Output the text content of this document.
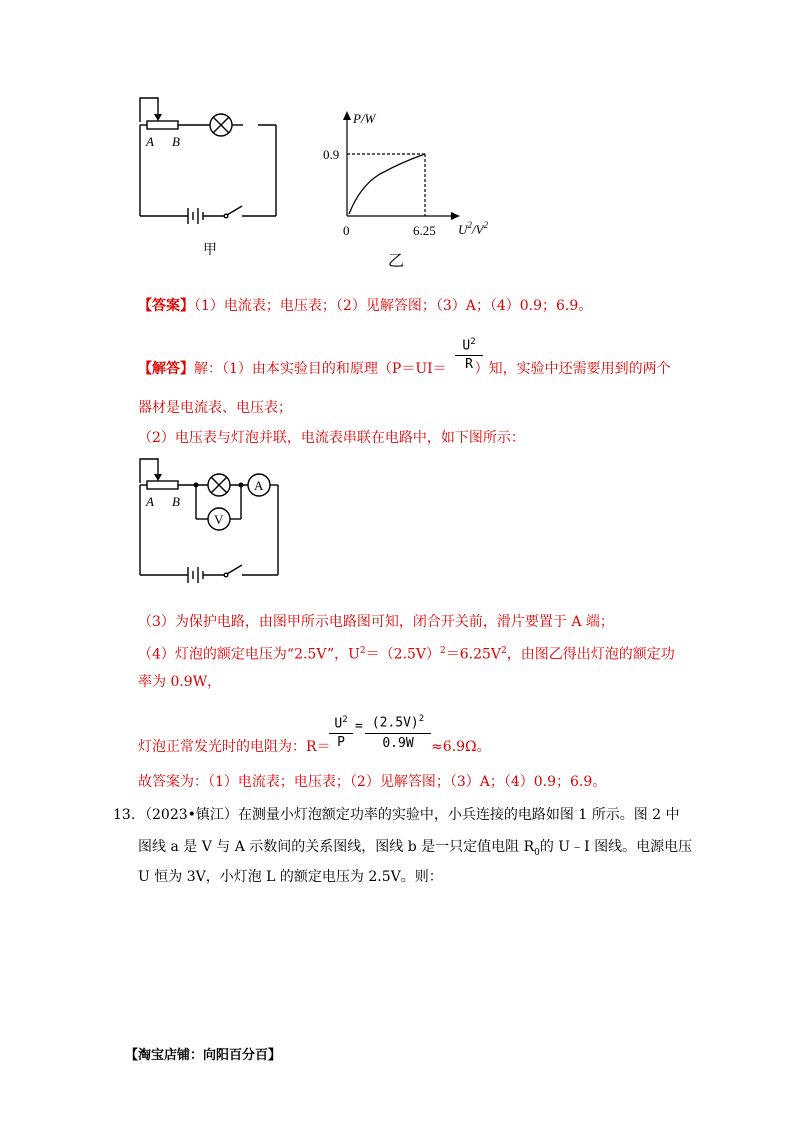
A B
甲
P/W
0.9
0	6.25 $U^2/V^2$
乙
【答案】（1）电流表；电压表；（2）见解答图；（3）A；（4）0.9；6.9。
$U^2$
R
【解答】解：（1）由本实验目的和原理（P＝UI＝ ）知，实验中还需要用到的两个
器材是电流表、电压表；
（2）电压表与灯泡并联，电流表串联在电路中，如下图所示：
A
V
A B
（3）为保护电路，由图甲所示电路图可知，闭合开关前，滑片要置于 A 端；
（4）灯泡的额定电压为“2.5V”，$U^2=(2.5V)^2=6.25V^2$，由图乙得出灯泡的额定功
率为 0.9W，
$U^2$
P
= $(2.5V)^2$
0.9W
灯泡正常发光时的电阻为：R＝	≈6.9Ω。
故答案为：（1）电流表；电压表；（2）见解答图；（3）A；（4）0.9；6.9。
13. （2023•镇江）在测量小灯泡额定功率的实验中，小兵连接的电路如图 1 所示。图 2 中
图线 a 是 V 与 A 示数间的关系图线，图线 b 是一只定值电阻 $R_0$的 U﹣I 图线。电源电压
U 恒为 3V，小灯泡 L 的额定电压为 2.5V。则：
【淘宝店铺：向阳百分百】
